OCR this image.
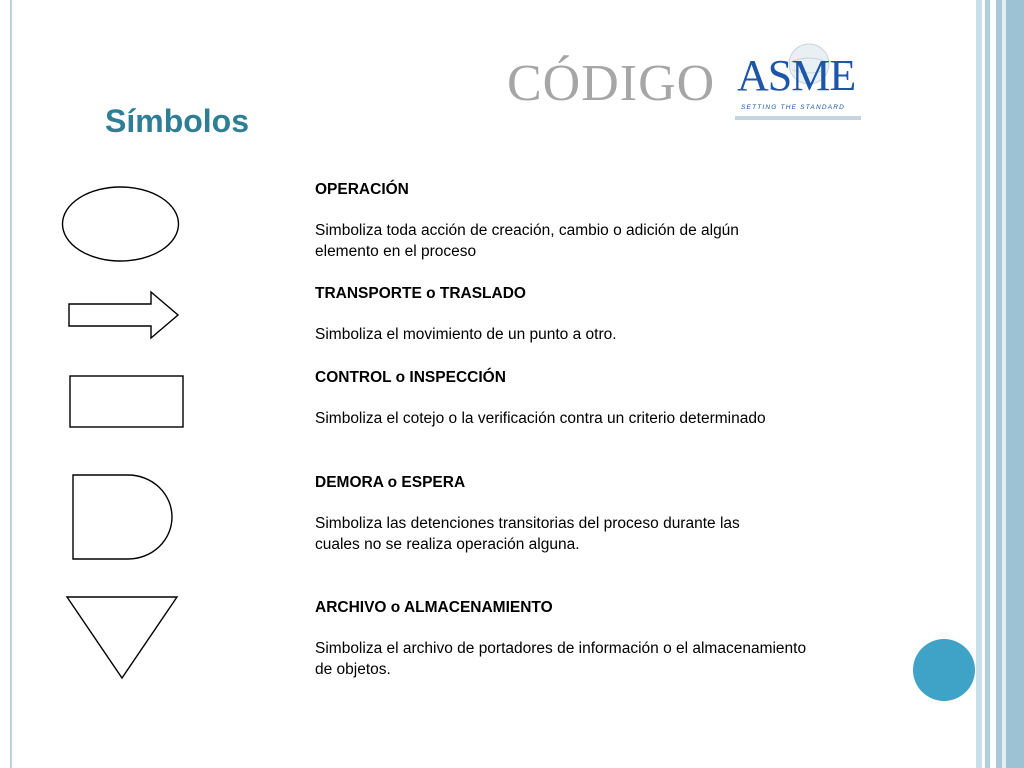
CÓDIGO ASME
SETTING THE STANDARD
Símbolos

OPERACIÓN

Simboliza toda acción de creación, cambio o adición de algún elemento en el proceso

TRANSPORTE o TRASLADO

Simboliza el movimiento de un punto a otro.

CONTROL o INSPECCIÓN

Simboliza el cotejo o la verificación contra un criterio determinado

DEMORA o ESPERA

Simboliza las detenciones transitorias del proceso durante las cuales no se realiza operación alguna.

ARCHIVO o ALMACENAMIENTO

Simboliza el archivo de portadores de información o el almacenamiento de objetos.
